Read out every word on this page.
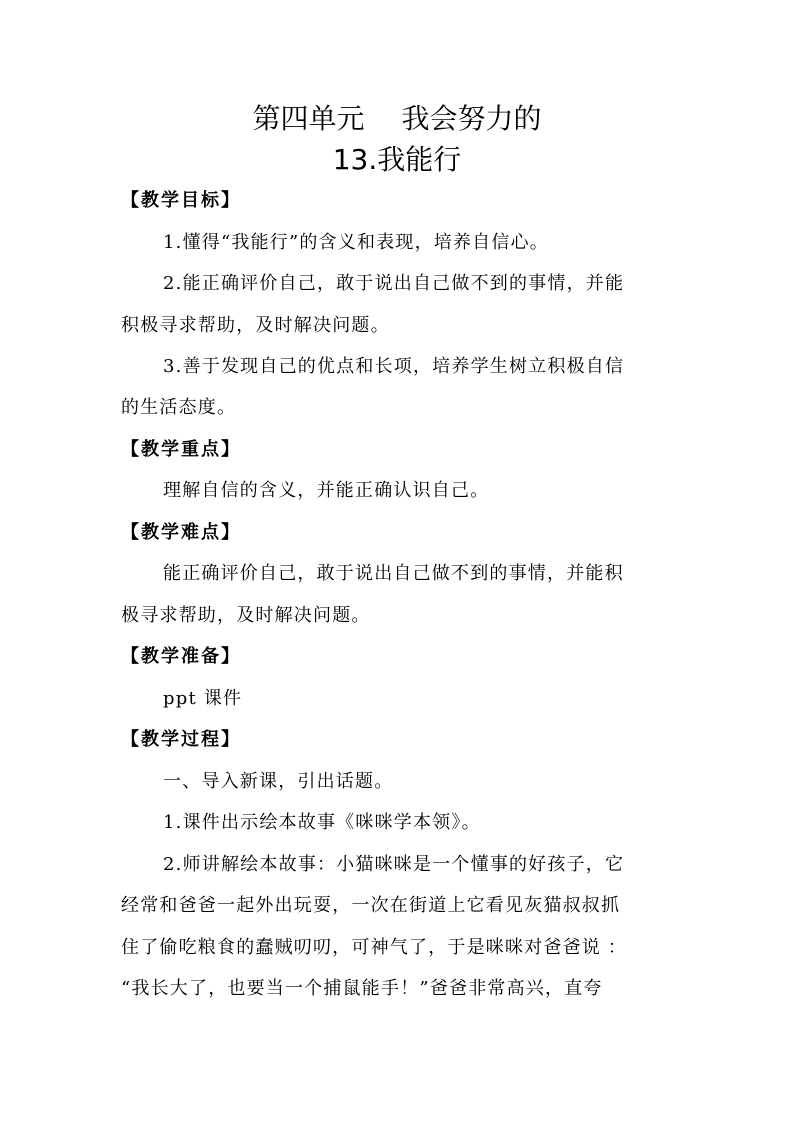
第四单元　 我会努力的
13.我能行
【教学目标】
1.懂得“我能行”的含义和表现，培养自信心。
2.能正确评价自己，敢于说出自己做不到的事情，并能
积极寻求帮助，及时解决问题。
3.善于发现自己的优点和长项，培养学生树立积极自信
的生活态度。
【教学重点】
理解自信的含义，并能正确认识自己。
【教学难点】
能正确评价自己，敢于说出自己做不到的事情，并能积
极寻求帮助，及时解决问题。
【教学准备】
ppt 课件
【教学过程】
一、导入新课，引出话题。
1.课件出示绘本故事《咪咪学本领》。
2.师讲解绘本故事：小猫咪咪是一个懂事的好孩子，它
经常和爸爸一起外出玩耍，一次在街道上它看见灰猫叔叔抓
住了偷吃粮食的蠢贼叨叨，可神气了，于是咪咪对爸爸说 ：
“我长大了，也要当一个捕鼠能手！”爸爸非常高兴，直夸
